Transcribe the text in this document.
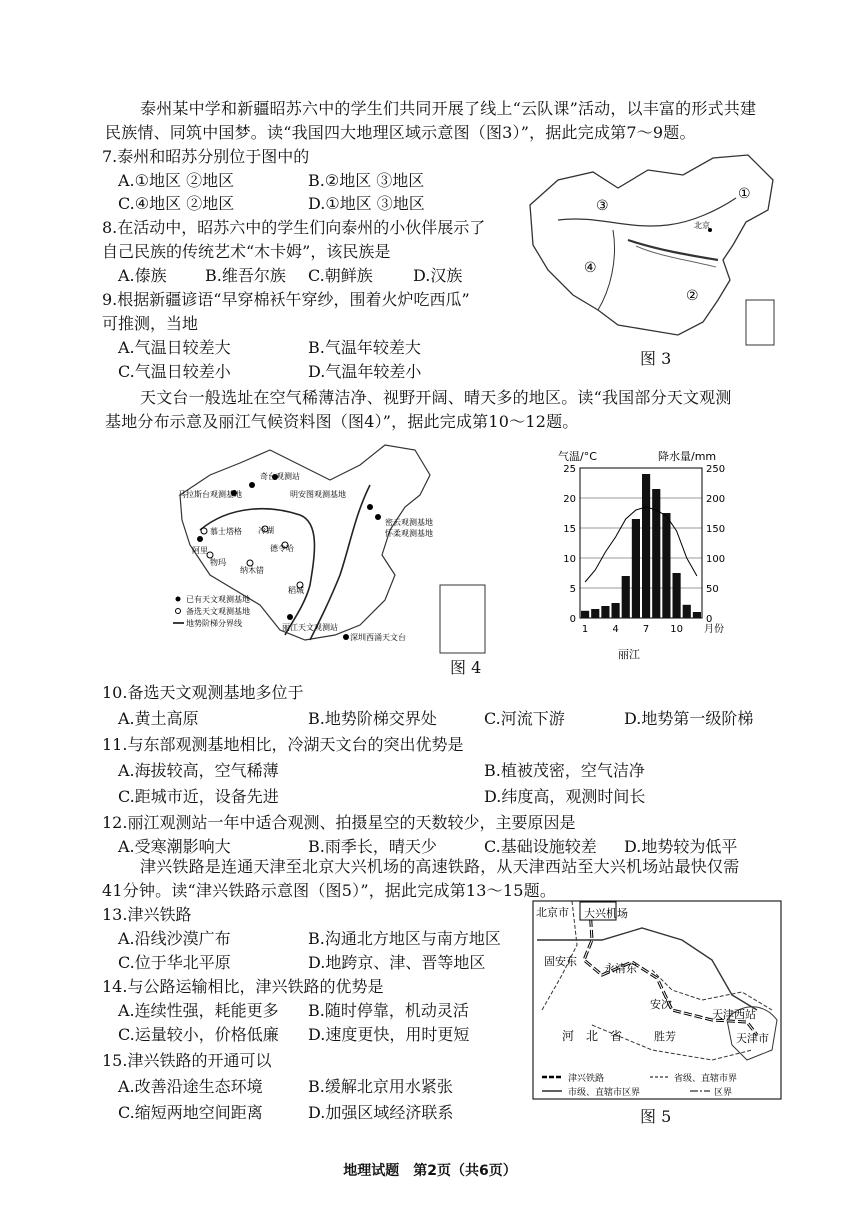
泰州某中学和新疆昭苏六中的学生们共同开展了线上“云队课”活动，以丰富的形式共建
民族情、同筑中国梦。读“我国四大地理区域示意图（图3）”，据此完成第7～9题。
7.泰州和昭苏分别位于图中的
A.①地区 ②地区	B.②地区 ③地区
C.④地区 ②地区	D.①地区 ③地区
8.在活动中，昭苏六中的学生们向泰州的小伙伴展示了
自己民族的传统艺术“木卡姆”，该民族是
A.傣族 B.维吾尔族 C.朝鲜族	D.汉族
9.根据新疆谚语“早穿棉袄午穿纱，围着火炉吃西瓜”
可推测，当地
A.气温日较差大	B.气温年较差大
C.气温日较差小	D.气温年较差小
①
②
③
④
北京
图 3
天文台一般选址在空气稀薄洁净、视野开阔、晴天多的地区。读“我国部分天文观测
基地分布示意及丽江气候资料图（图4）”，据此完成第10～12题。
奇台观测站
马拉斯台观测基地	明安图观测基地
密云观测基地
怀柔观测基地
慕士塔格
阿里
物玛
冷湖
德令哈
纳木错
稻城
丽江天文观测站
深圳西涌天文台
已有天文观测基地
备选天文观测基地
地势阶梯分界线
图 4
气温/°C	降水量/mm
0	0
5	50
10	100
15	150
20	200
25	250
1 4 7 10 月份
丽江
10.备选天文观测基地多位于
A.黄土高原	B.地势阶梯交界处	C.河流下游	D.地势第一级阶梯
11.与东部观测基地相比，冷湖天文台的突出优势是
A.海拔较高，空气稀薄	B.植被茂密，空气洁净
C.距城市近，设备先进	D.纬度高，观测时间长
12.丽江观测站一年中适合观测、拍摄星空的天数较少，主要原因是
A.受寒潮影响大	B.雨季长，晴天少	C.基础设施较差 D.地势较为低平
津兴铁路是连通天津至北京大兴机场的高速铁路，从天津西站至大兴机场站最快仅需
41分钟。读“津兴铁路示意图（图5）”，据此完成第13～15题。
13.津兴铁路
A.沿线沙漠广布	B.沟通北方地区与南方地区
C.位于华北平原	D.地跨京、津、晋等地区
14.与公路运输相比，津兴铁路的优势是
A.连续性强，耗能更多 B.随时停靠，机动灵活
C.运量较小，价格低廉 D.速度更快，用时更短
15.津兴铁路的开通可以
A.改善沿途生态环境	B.缓解北京用水紧张
C.缩短两地空间距离	D.加强区域经济联系
北京市 大兴机场
固安东
永清东
安次
天津西站
天津市
河　北　省	胜芳
津兴铁路	省级、直辖市界
市级、直辖市区界	区界
图 5
地理试题　第2页（共6页）
